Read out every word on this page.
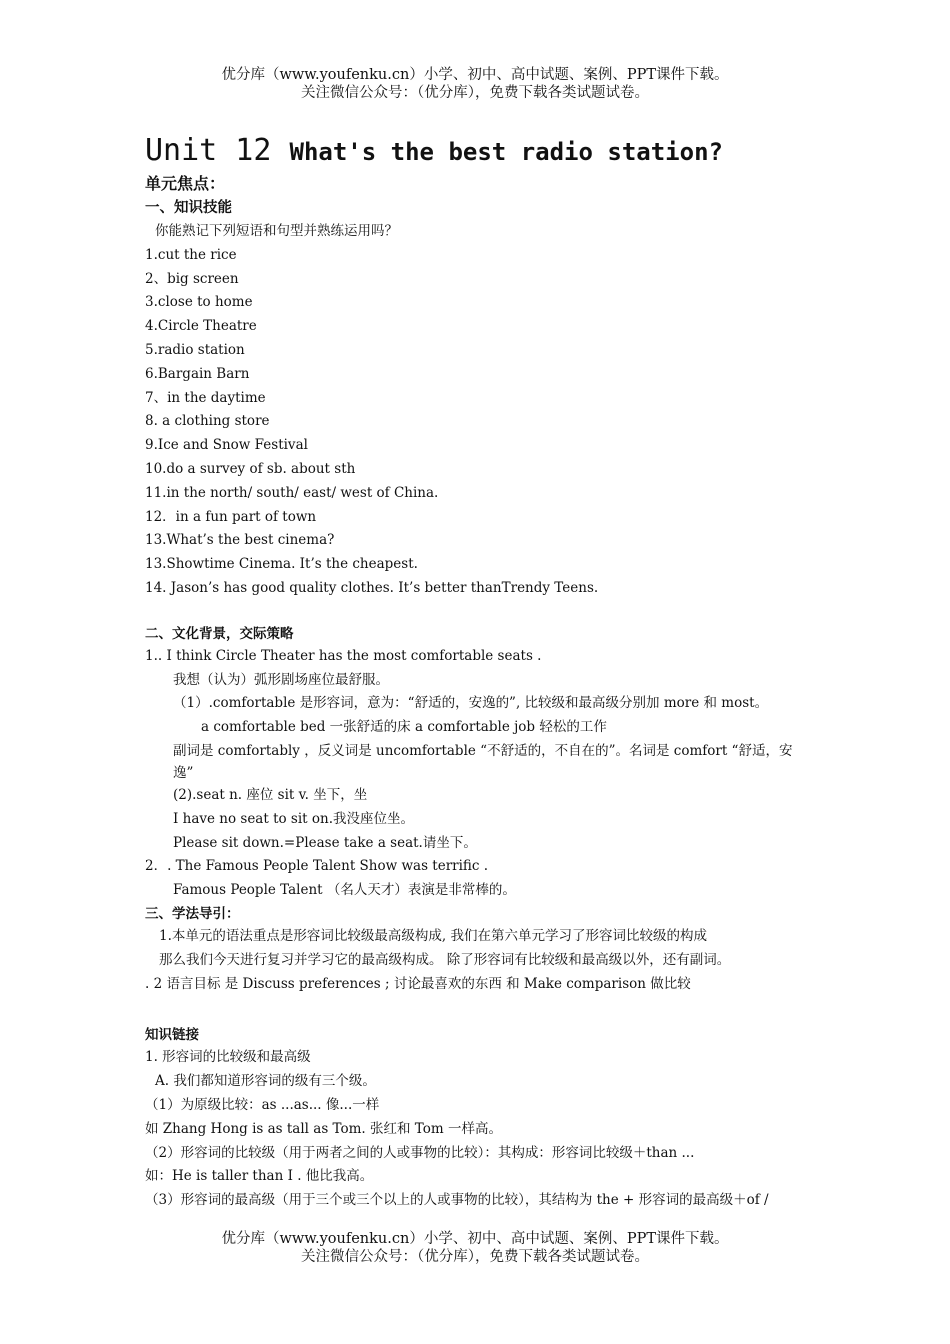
优分库（www.youfenku.cn）小学、初中、高中试题、案例、PPT课件下载。
关注微信公众号：（优分库），免费下载各类试题试卷。
Unit 12 What's the best radio station?
单元焦点：
一、知识技能
你能熟记下列短语和句型并熟练运用吗？
1.cut the rice
2、big screen
3.close to home
4.Circle Theatre
5.radio station
6.Bargain Barn
7、in the daytime
8. a clothing store
9.Ice and Snow Festival
10.do a survey of sb. about sth
11.in the north/ south/ east/ west of China.
12．in a fun part of town
13.What’s the best cinema?
13.Showtime Cinema. It’s the cheapest.
14. Jason’s has good quality clothes. It’s better thanTrendy Teens.
二、文化背景，交际策略
1.. I think Circle Theater has the most comfortable seats .
我想（认为）弧形剧场座位最舒服。
（1）.comfortable 是形容词，意为：“舒适的，安逸的”, 比较级和最高级分别加 more 和 most。
a comfortable bed 一张舒适的床 a comfortable job 轻松的工作
副词是 comfortably ，反义词是 uncomfortable “不舒适的，不自在的”。名词是 comfort “舒适，安逸”
(2).seat n. 座位 sit v. 坐下，坐
I have no seat to sit on.我没座位坐。
Please sit down.=Please take a seat.请坐下。
2．. The Famous People Talent Show was terrific .
Famous People Talent （名人天才）表演是非常棒的。
三、学法导引：
1.本单元的语法重点是形容词比较级最高级构成, 我们在第六单元学习了形容词比较级的构成
那么我们今天进行复习并学习它的最高级构成。 除了形容词有比较级和最高级以外，还有副词。
. 2 语言目标 是 Discuss preferences ; 讨论最喜欢的东西 和 Make comparison 做比较
知识链接
1. 形容词的比较级和最高级
A. 我们都知道形容词的级有三个级。
（1）为原级比较：as ...as... 像...一样
如 Zhang Hong is as tall as Tom. 张红和 Tom 一样高。
（2）形容词的比较级（用于两者之间的人或事物的比较）：其构成：形容词比较级＋than ...
如：He is taller than I . 他比我高。
（3）形容词的最高级（用于三个或三个以上的人或事物的比较），其结构为 the + 形容词的最高级＋of /
优分库（www.youfenku.cn）小学、初中、高中试题、案例、PPT课件下载。
关注微信公众号：（优分库），免费下载各类试题试卷。
